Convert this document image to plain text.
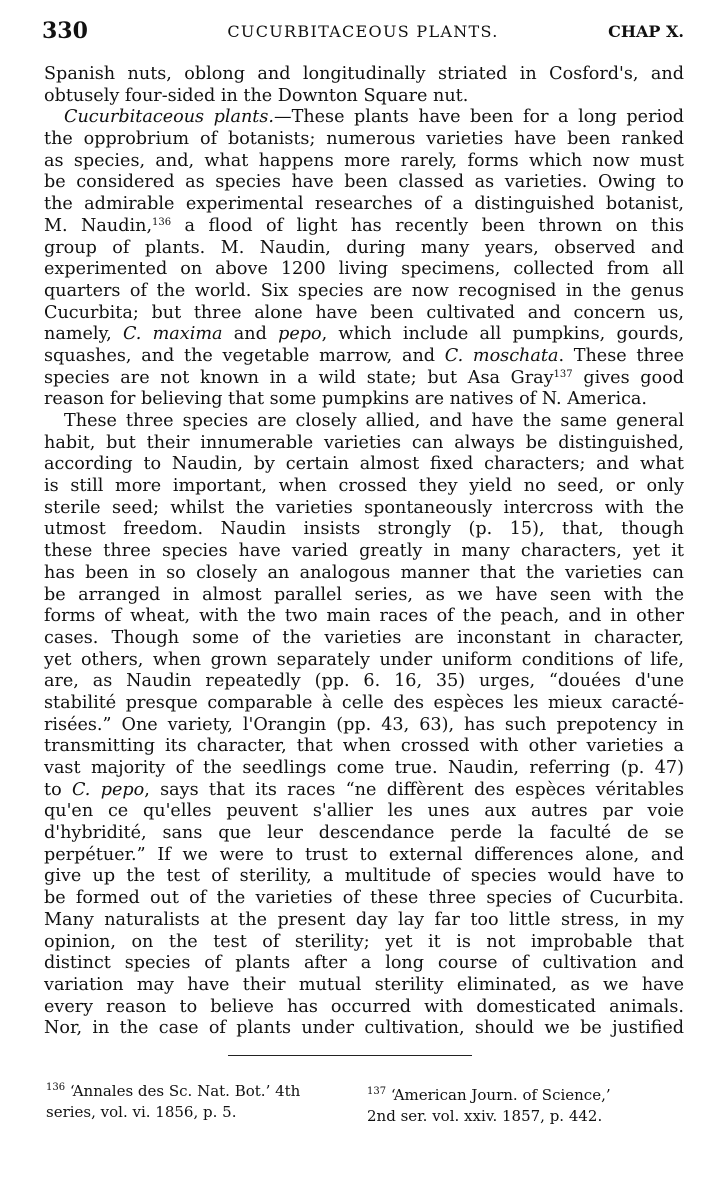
330	CUCURBITACEOUS PLANTS.	CHAP X.
Spanish nuts, oblong and longitudinally striated in Cosford's, and
obtusely four-sided in the Downton Square nut.
Cucurbitaceous plants.—These plants have been for a long period
the opprobrium of botanists; numerous varieties have been ranked
as species, and, what happens more rarely, forms which now must
be considered as species have been classed as varieties. Owing to
the admirable experimental researches of a distinguished botanist,
M. Naudin,$^{136}$ a flood of light has recently been thrown on this
group of plants. M. Naudin, during many years, observed and
experimented on above 1200 living specimens, collected from all
quarters of the world. Six species are now recognised in the genus
Cucurbita; but three alone have been cultivated and concern us,
namely, C. maxima and pepo, which include all pumpkins, gourds,
squashes, and the vegetable marrow, and C. moschata. These three
species are not known in a wild state; but Asa Gray$^{137}$ gives good
reason for believing that some pumpkins are natives of N. America.
These three species are closely allied, and have the same general
habit, but their innumerable varieties can always be distinguished,
according to Naudin, by certain almost fixed characters; and what
is still more important, when crossed they yield no seed, or only
sterile seed; whilst the varieties spontaneously intercross with the
utmost freedom. Naudin insists strongly (p. 15), that, though
these three species have varied greatly in many characters, yet it
has been in so closely an analogous manner that the varieties can
be arranged in almost parallel series, as we have seen with the
forms of wheat, with the two main races of the peach, and in other
cases. Though some of the varieties are inconstant in character,
yet others, when grown separately under uniform conditions of life,
are, as Naudin repeatedly (pp. 6. 16, 35) urges, “douées d'une
stabilité presque comparable à celle des espèces les mieux caracté-
risées.” One variety, l'Orangin (pp. 43, 63), has such prepotency in
transmitting its character, that when crossed with other varieties a
vast majority of the seedlings come true. Naudin, referring (p. 47)
to C. pepo, says that its races “ne diffèrent des espèces véritables
qu'en ce qu'elles peuvent s'allier les unes aux autres par voie
d'hybridité, sans que leur descendance perde la faculté de se
perpétuer.” If we were to trust to external differences alone, and
give up the test of sterility, a multitude of species would have to
be formed out of the varieties of these three species of Cucurbita.
Many naturalists at the present day lay far too little stress, in my
opinion, on the test of sterility; yet it is not improbable that
distinct species of plants after a long course of cultivation and
variation may have their mutual sterility eliminated, as we have
every reason to believe has occurred with domesticated animals.
Nor, in the case of plants under cultivation, should we be justified
$^{136}$ ‘Annales des Sc. Nat. Bot.’ 4th
series, vol. vi. 1856, p. 5.
$^{137}$ ‘American Journ. of Science,’
2nd ser. vol. xxiv. 1857, p. 442.
